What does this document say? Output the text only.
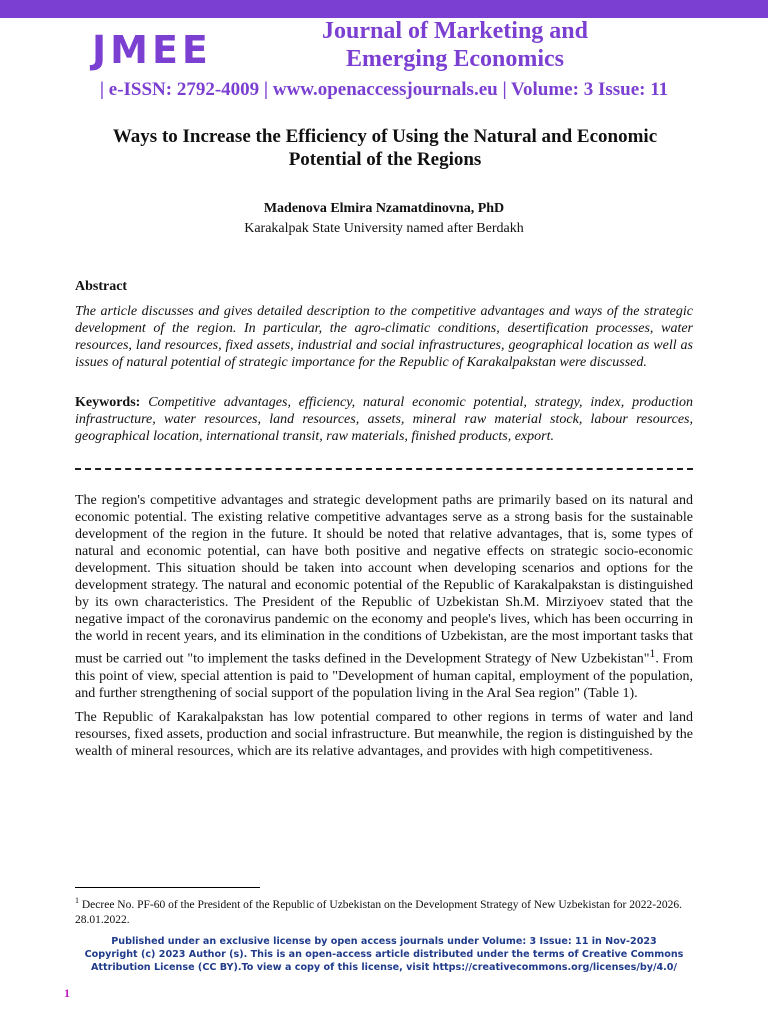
JMEE	Journal of Marketing and
Emerging Economics
| e-ISSN: 2792-4009 | www.openaccessjournals.eu | Volume: 3 Issue: 11
Ways to Increase the Efficiency of Using the Natural and Economic
Potential of the Regions
Madenova Elmira Nzamatdinovna, PhD
Karakalpak State University named after Berdakh
Abstract
The article discusses and gives detailed description to the competitive advantages and ways of the strategic development of the region. In particular, the agro-climatic conditions, desertification processes, water resources, land resources, fixed assets, industrial and social infrastructures, geographical location as well as issues of natural potential of strategic importance for the Republic of Karakalpakstan were discussed.
Keywords: Competitive advantages, efficiency, natural economic potential, strategy, index, production infrastructure, water resources, land resources, assets, mineral raw material stock, labour resources, geographical location, international transit, raw materials, finished products, export.

The region's competitive advantages and strategic development paths are primarily based on its natural and economic potential. The existing relative competitive advantages serve as a strong basis for the sustainable development of the region in the future. It should be noted that relative advantages, that is, some types of natural and economic potential, can have both positive and negative effects on strategic socio-economic development. This situation should be taken into account when developing scenarios and options for the development strategy. The natural and economic potential of the Republic of Karakalpakstan is distinguished by its own characteristics. The President of the Republic of Uzbekistan Sh.M. Mirziyoev stated that the negative impact of the coronavirus pandemic on the economy and people's lives, which has been occurring in the world in recent years, and its elimination in the conditions of Uzbekistan, are the most important tasks that must be carried out "to implement the tasks defined in the Development Strategy of New Uzbekistan"$^1$. From this point of view, special attention is paid to "Development of human capital, employment of the population, and further strengthening of social support of the population living in the Aral Sea region" (Table 1).

The Republic of Karakalpakstan has low potential compared to other regions in terms of water and land resourses, fixed assets, production and social infrastructure. But meanwhile, the region is distinguished by the wealth of mineral resources, which are its relative advantages, and provides with high competitiveness.

$^1$ Decree No. PF-60 of the President of the Republic of Uzbekistan on the Development Strategy of New Uzbekistan for 2022-2026. 28.01.2022.
Published under an exclusive license by open access journals under Volume: 3 Issue: 11 in Nov-2023
Copyright (c) 2023 Author (s). This is an open-access article distributed under the terms of Creative Commons
Attribution License (CC BY).To view a copy of this license, visit https://creativecommons.org/licenses/by/4.0/
1
